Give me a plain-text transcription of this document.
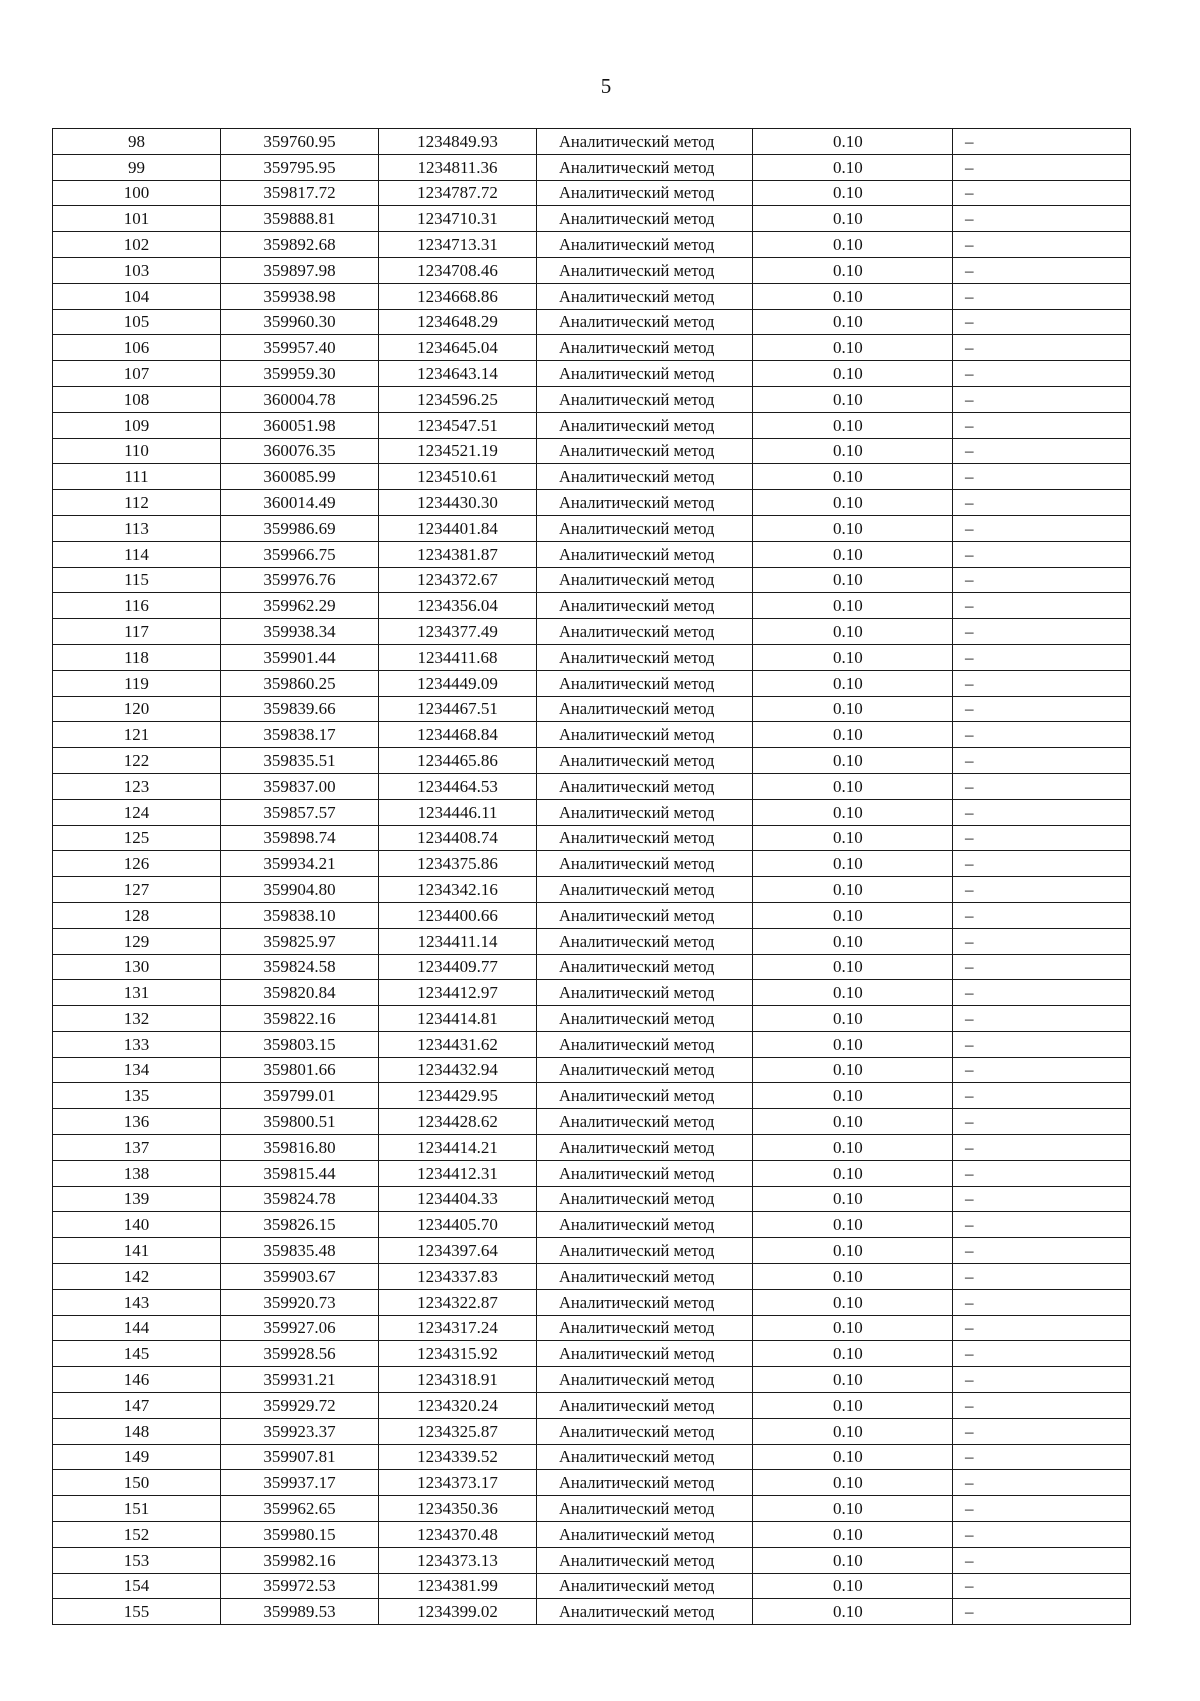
5
98	359760.95	1234849.93	Аналитический метод	0.10	–
99	359795.95	1234811.36	Аналитический метод	0.10	–
100	359817.72	1234787.72	Аналитический метод	0.10	–
101	359888.81	1234710.31	Аналитический метод	0.10	–
102	359892.68	1234713.31	Аналитический метод	0.10	–
103	359897.98	1234708.46	Аналитический метод	0.10	–
104	359938.98	1234668.86	Аналитический метод	0.10	–
105	359960.30	1234648.29	Аналитический метод	0.10	–
106	359957.40	1234645.04	Аналитический метод	0.10	–
107	359959.30	1234643.14	Аналитический метод	0.10	–
108	360004.78	1234596.25	Аналитический метод	0.10	–
109	360051.98	1234547.51	Аналитический метод	0.10	–
110	360076.35	1234521.19	Аналитический метод	0.10	–
111	360085.99	1234510.61	Аналитический метод	0.10	–
112	360014.49	1234430.30	Аналитический метод	0.10	–
113	359986.69	1234401.84	Аналитический метод	0.10	–
114	359966.75	1234381.87	Аналитический метод	0.10	–
115	359976.76	1234372.67	Аналитический метод	0.10	–
116	359962.29	1234356.04	Аналитический метод	0.10	–
117	359938.34	1234377.49	Аналитический метод	0.10	–
118	359901.44	1234411.68	Аналитический метод	0.10	–
119	359860.25	1234449.09	Аналитический метод	0.10	–
120	359839.66	1234467.51	Аналитический метод	0.10	–
121	359838.17	1234468.84	Аналитический метод	0.10	–
122	359835.51	1234465.86	Аналитический метод	0.10	–
123	359837.00	1234464.53	Аналитический метод	0.10	–
124	359857.57	1234446.11	Аналитический метод	0.10	–
125	359898.74	1234408.74	Аналитический метод	0.10	–
126	359934.21	1234375.86	Аналитический метод	0.10	–
127	359904.80	1234342.16	Аналитический метод	0.10	–
128	359838.10	1234400.66	Аналитический метод	0.10	–
129	359825.97	1234411.14	Аналитический метод	0.10	–
130	359824.58	1234409.77	Аналитический метод	0.10	–
131	359820.84	1234412.97	Аналитический метод	0.10	–
132	359822.16	1234414.81	Аналитический метод	0.10	–
133	359803.15	1234431.62	Аналитический метод	0.10	–
134	359801.66	1234432.94	Аналитический метод	0.10	–
135	359799.01	1234429.95	Аналитический метод	0.10	–
136	359800.51	1234428.62	Аналитический метод	0.10	–
137	359816.80	1234414.21	Аналитический метод	0.10	–
138	359815.44	1234412.31	Аналитический метод	0.10	–
139	359824.78	1234404.33	Аналитический метод	0.10	–
140	359826.15	1234405.70	Аналитический метод	0.10	–
141	359835.48	1234397.64	Аналитический метод	0.10	–
142	359903.67	1234337.83	Аналитический метод	0.10	–
143	359920.73	1234322.87	Аналитический метод	0.10	–
144	359927.06	1234317.24	Аналитический метод	0.10	–
145	359928.56	1234315.92	Аналитический метод	0.10	–
146	359931.21	1234318.91	Аналитический метод	0.10	–
147	359929.72	1234320.24	Аналитический метод	0.10	–
148	359923.37	1234325.87	Аналитический метод	0.10	–
149	359907.81	1234339.52	Аналитический метод	0.10	–
150	359937.17	1234373.17	Аналитический метод	0.10	–
151	359962.65	1234350.36	Аналитический метод	0.10	–
152	359980.15	1234370.48	Аналитический метод	0.10	–
153	359982.16	1234373.13	Аналитический метод	0.10	–
154	359972.53	1234381.99	Аналитический метод	0.10	–
155	359989.53	1234399.02	Аналитический метод	0.10	–
